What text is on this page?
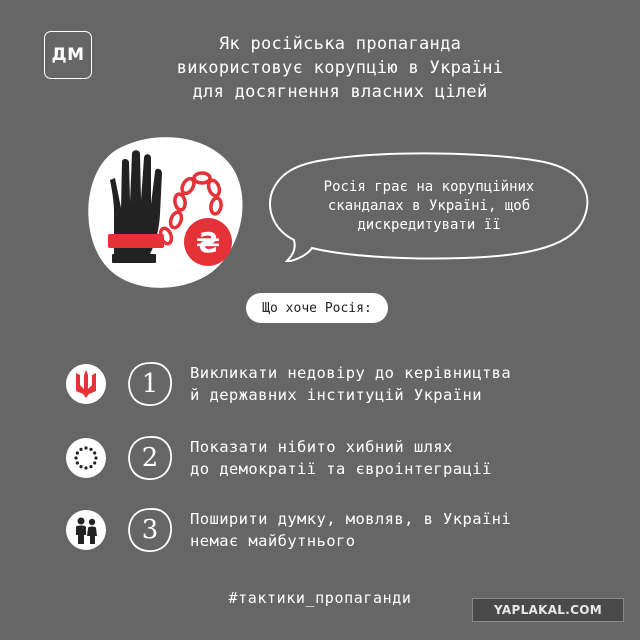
ДМ
Як російська пропаганда
використовує корупцію в Україні
для досягнення власних цілей
₴
Росія грає на корупційних
скандалах в Україні, щоб
дискредитувати її
Що хоче Росія:
1	Викликати недовіру до керівництва
й державних інституцій України
2	Показати нібито хибний шлях
до демократії та євроінтеграції
3	Поширити думку, мовляв, в Україні
немає майбутнього
#тактики_пропаганди
YAPLAKAL.COM
